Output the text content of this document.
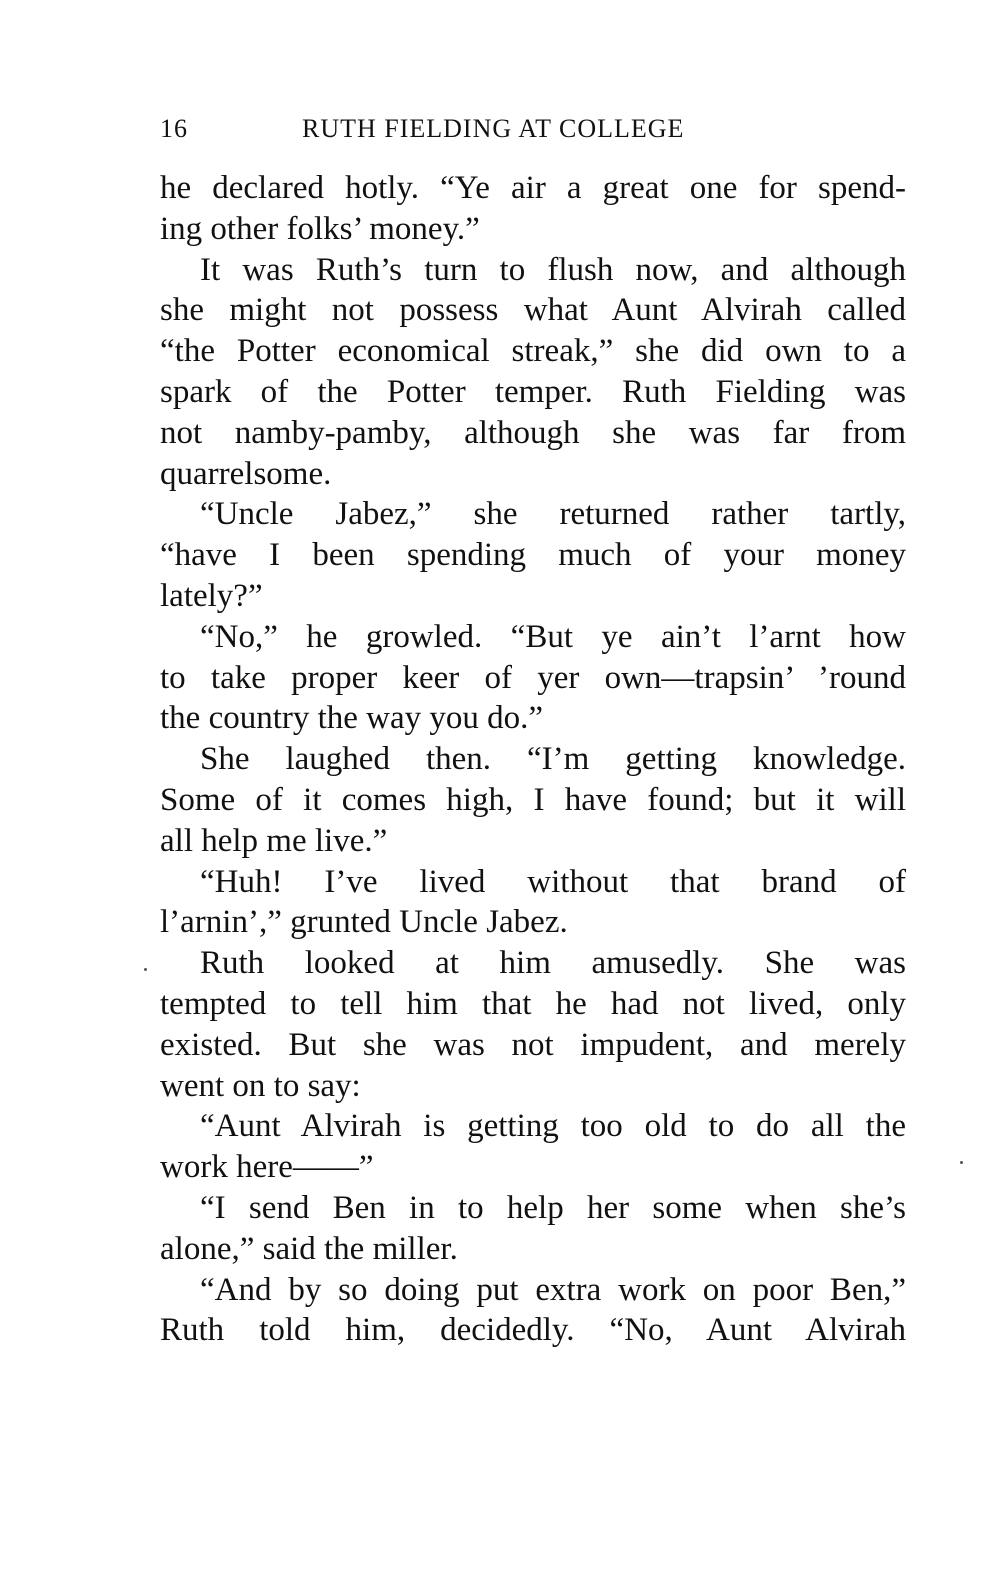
16	RUTH FIELDING AT COLLEGE
he declared hotly. “Ye air a great one for spend-
ing other folks’ money.”
It was Ruth’s turn to flush now, and although
she might not possess what Aunt Alvirah called
“the Potter economical streak,” she did own to a
spark of the Potter temper. Ruth Fielding was
not namby-pamby, although she was far from
quarrelsome.
“Uncle Jabez,” she returned rather tartly,
“have I been spending much of your money
lately?”
“No,” he growled. “But ye ain’t l’arnt how
to take proper keer of yer own—trapsin’ ’round
the country the way you do.”
She laughed then. “I’m getting knowledge.
Some of it comes high, I have found; but it will
all help me live.”
“Huh! I’ve lived without that brand of
l’arnin’,” grunted Uncle Jabez.
Ruth looked at him amusedly. She was
tempted to tell him that he had not lived, only
existed. But she was not impudent, and merely
went on to say:
“Aunt Alvirah is getting too old to do all the
work here——”
“I send Ben in to help her some when she’s
alone,” said the miller.
“And by so doing put extra work on poor Ben,”
Ruth told him, decidedly. “No, Aunt Alvirah
